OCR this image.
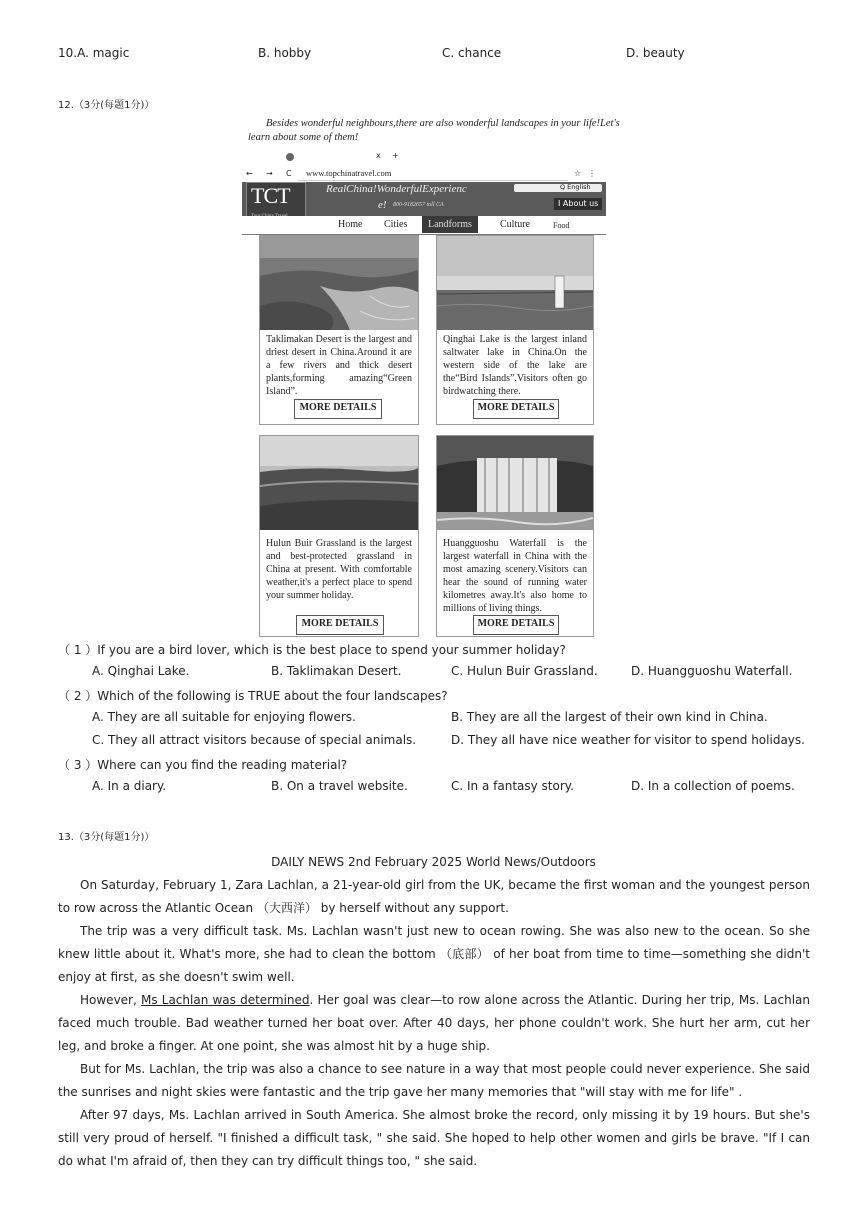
10.A. magic	B. hobby	C. chance	D. beauty
12.（3分(每题1分)）
Besides wonderful neighbours,there are also wonderful landscapes in your life!Let's
learn about some of them!
x +
← → C www.topchinatravel.com	☆ ⋮
TCT	RealChina!WonderfulExperienc
e! 800-9182657 toll CA
Q English
I About us
Home Cities	Landforms	Culture	Food
Taklimakan Desert is the largest and driest desert in China.Around it are a few rivers and thick desert plants,forming amazing“Green Island”.
MORE DETAILS
Qinghai Lake is the largest inland saltwater lake in China.On the western side of the lake are the“Bird Islands”.Visitors often go birdwatching there.
MORE DETAILS
Hulun Buir Grassland is the largest and best-protected grassland in China at present. With comfortable weather,it's a perfect place to spend your summer holiday.
MORE DETAILS
Huangguoshu Waterfall is the largest waterfall in China with the most amazing scenery.Visitors can hear the sound of running water kilometres away.It's also home to millions of living things.
MORE DETAILS
（ 1 ）If you are a bird lover, which is the best place to spend your summer holiday?
A. Qinghai Lake.	B. Taklimakan Desert.	C. Hulun Buir Grassland.	D. Huangguoshu Waterfall.
（ 2 ）Which of the following is TRUE about the four landscapes?
A. They are all suitable for enjoying flowers.	B. They are all the largest of their own kind in China.
C. They all attract visitors because of special animals.	D. They all have nice weather for visitor to spend holidays.
（ 3 ）Where can you find the reading material?
A. In a diary.	B. On a travel website.	C. In a fantasy story.	D. In a collection of poems.
13.（3分(每题1分)）
DAILY NEWS 2nd February 2025 World News/Outdoors
On Saturday, February 1, Zara Lachlan, a 21-year-old girl from the UK, became the first woman and the youngest person to row across the Atlantic Ocean （大西洋） by herself without any support.
The trip was a very difficult task. Ms. Lachlan wasn't just new to ocean rowing. She was also new to the ocean. So she knew little about it. What's more, she had to clean the bottom （底部） of her boat from time to time—something she didn't enjoy at first, as she doesn't swim well.
However, Ms Lachlan was determined. Her goal was clear—to row alone across the Atlantic. During her trip, Ms. Lachlan faced much trouble. Bad weather turned her boat over. After 40 days, her phone couldn't work. She hurt her arm, cut her leg, and broke a finger. At one point, she was almost hit by a huge ship.
But for Ms. Lachlan, the trip was also a chance to see nature in a way that most people could never experience. She said the sunrises and night skies were fantastic and the trip gave her many memories that "will stay with me for life" .
After 97 days, Ms. Lachlan arrived in South America. She almost broke the record, only missing it by 19 hours. But she's still very proud of herself. "I finished a difficult task, " she said. She hoped to help other women and girls be brave. "If I can do what I'm afraid of, then they can try difficult things too, " she said.
